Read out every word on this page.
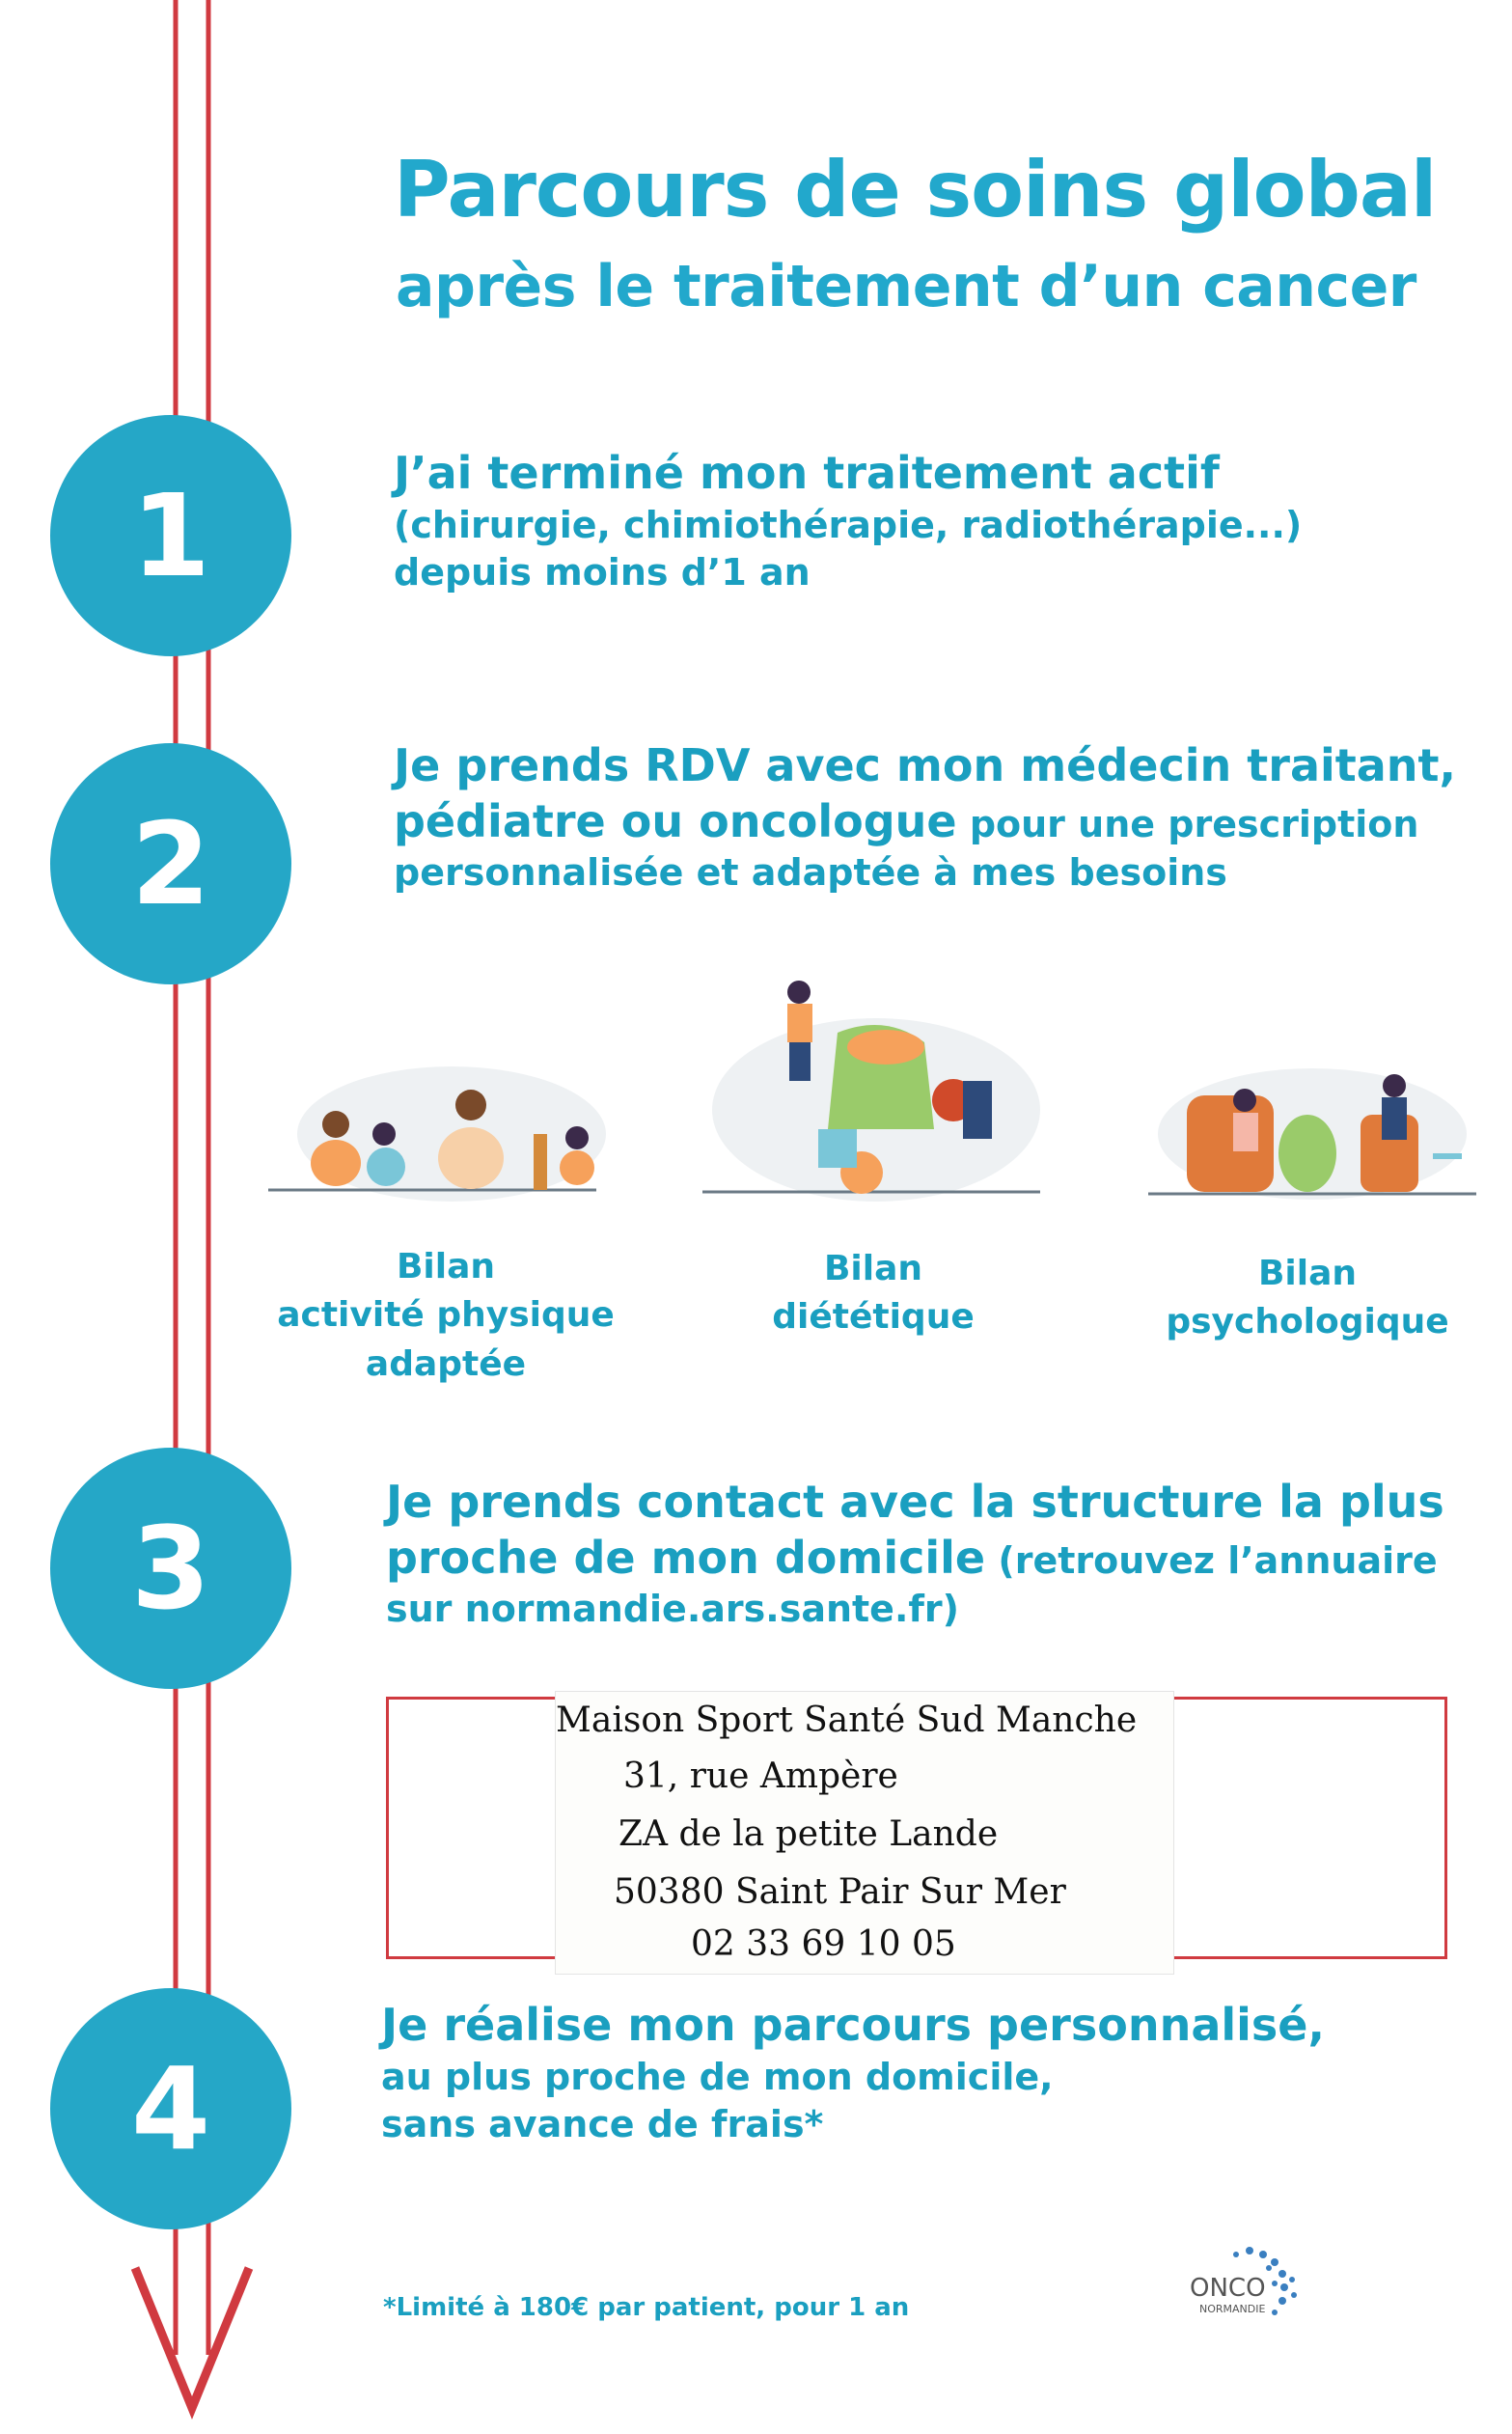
Parcours de soins global
après le traitement d’un cancer
1	J’ai terminé mon traitement actif
(chirurgie, chimiothérapie, radiothérapie...)
depuis moins d’1 an
2
Je prends RDV avec mon médecin traitant,
pédiatre ou oncologue pour une prescription
personnalisée et adaptée à mes besoins
Bilan
activité physique
adaptée
Bilan
diététique
Bilan
psychologique
3	Je prends contact avec la structure la plus
proche de mon domicile (retrouvez l’annuaire
sur normandie.ars.sante.fr)
Maison Sport Santé Sud Manche
31, rue Ampère
ZA de la petite Lande
50380 Saint Pair Sur Mer
02 33 69 10 05
4
Je réalise mon parcours personnalisé,
au plus proche de mon domicile,
sans avance de frais*
*Limité à 180€ par patient, pour 1 an
ONCO
NORMANDIE
